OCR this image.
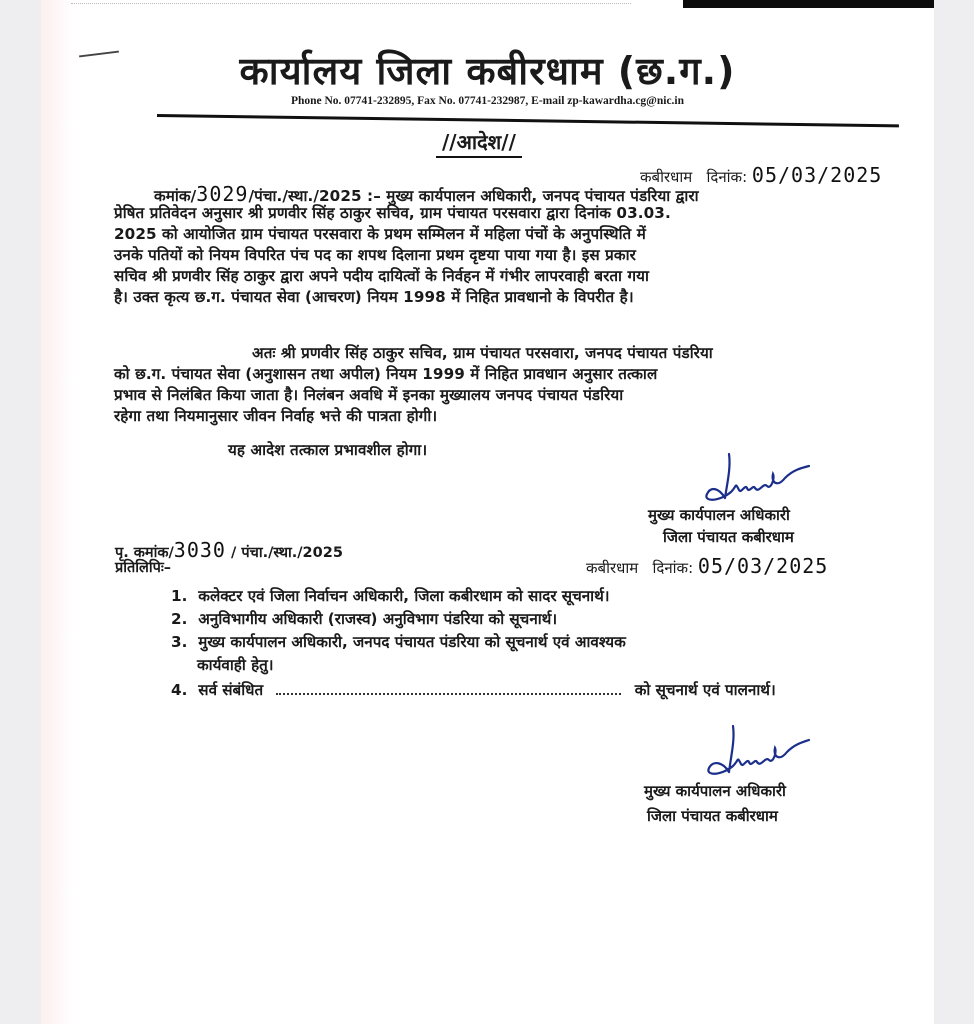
कार्यालय जिला कबीरधाम (छ.ग.)
Phone No. 07741-232895, Fax No. 07741-232987, E-mail zp-kawardha.cg@nic.in
//आदेश//
कबीरधाम दिनांक: 05/03/2025
कमांक/3029/पंचा./स्था./2025 :– मुख्य कार्यपालन अधिकारी, जनपद पंचायत पंडरिया द्वारा
प्रेषित प्रतिवेदन अनुसार श्री प्रणवीर सिंह ठाकुर सचिव, ग्राम पंचायत परसवारा द्वारा दिनांक 03.03.
2025 को आयोजित ग्राम पंचायत परसवारा के प्रथम सम्मिलन में महिला पंचों के अनुपस्थिति में
उनके पतियों को नियम विपरित पंच पद का शपथ दिलाना प्रथम दृष्टया पाया गया है। इस प्रकार
सचिव श्री प्रणवीर सिंह ठाकुर द्वारा अपने पदीय दायित्वों के निर्वहन में गंभीर लापरवाही बरता गया
है। उक्त कृत्य छ.ग. पंचायत सेवा (आचरण) नियम 1998 में निहित प्रावधानो के विपरीत है।
अतः श्री प्रणवीर सिंह ठाकुर सचिव, ग्राम पंचायत परसवारा, जनपद पंचायत पंडरिया
को छ.ग. पंचायत सेवा (अनुशासन तथा अपील) नियम 1999 में निहित प्रावधान अनुसार तत्काल
प्रभाव से निलंबित किया जाता है। निलंबन अवधि में इनका मुख्यालय जनपद पंचायत पंडरिया
रहेगा तथा नियमानुसार जीवन निर्वाह भत्ते की पात्रता होगी।
यह आदेश तत्काल प्रभावशील होगा।
मुख्य कार्यपालन अधिकारी
जिला पंचायत कबीरधाम
पृ. कमांक/3030 / पंचा./स्था./2025
कबीरधाम दिनांक: 05/03/2025
प्रतिलिपिः–
1. कलेक्टर एवं जिला निर्वाचन अधिकारी, जिला कबीरधाम को सादर सूचनार्थ।
2. अनुविभागीय अधिकारी (राजस्व) अनुविभाग पंडरिया को सूचनार्थ।
3. मुख्य कार्यपालन अधिकारी, जनपद पंचायत पंडरिया को सूचनार्थ एवं आवश्यक
कार्यवाही हेतु।
4. सर्व संबंधित	को सूचनार्थ एवं पालनार्थ।
मुख्य कार्यपालन अधिकारी
जिला पंचायत कबीरधाम
